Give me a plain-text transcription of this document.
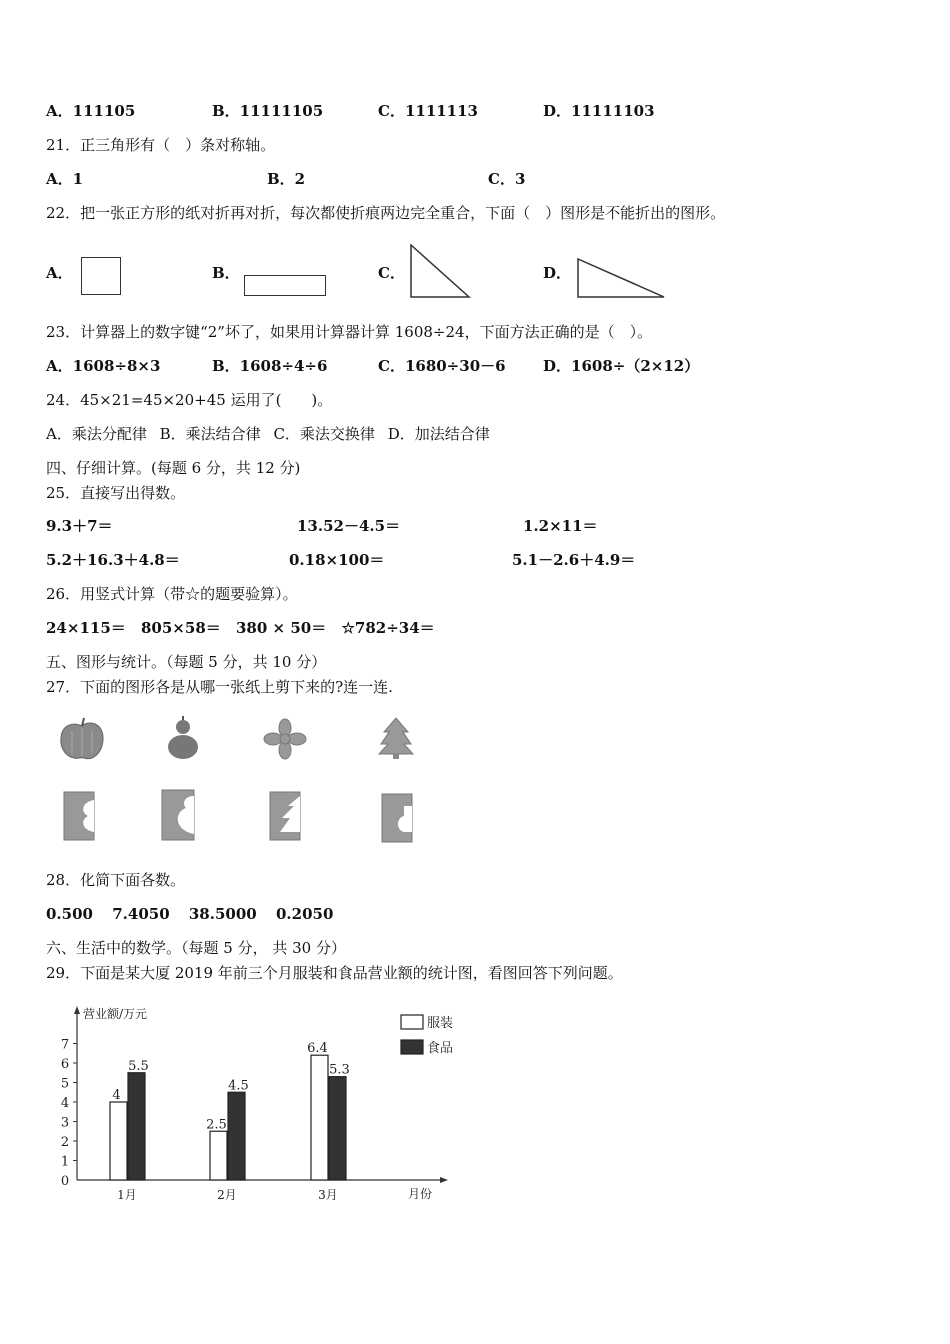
A．111105	B．11111105	C．1111113	D．11111103
21．正三角形有（　）条对称轴。
A．1	B．2	C．3
22．把一张正方形的纸对折再对折，每次都使折痕两边完全重合，下面（　）图形是不能折出的图形。
A．	B．	C．	D．
23．计算器上的数字键“2”坏了，如果用计算器计算 1608÷24，下面方法正确的是（　）。
A．1608÷8×3	B．1608÷4÷6	C．1680÷30－6 D．1608÷（2×12）
24．45×21=45×20+45 运用了(　　)。
A．乘法分配律 B．乘法结合律 C．乘法交换律 D．加法结合律
四、仔细计算。(每题 6 分，共 12 分)
25．直接写出得数。
9.3＋7＝	13.52－4.5＝	1.2×11＝
5.2＋16.3＋4.8＝	0.18×100＝	5.1－2.6＋4.9＝
26．用竖式计算（带☆的题要验算）。
24×115＝ 805×58＝ 380 × 50＝ ☆782÷34＝
五、图形与统计。（每题 5 分，共 10 分）
27．下面的图形各是从哪一张纸上剪下来的?连一连.
28．化简下面各数。
0.500 7.4050 38.5000 0.2050
六、生活中的数学。（每题 5 分， 共 30 分）
29．下面是某大厦 2019 年前三个月服装和食品营业额的统计图，看图回答下列问题。
0
1
2
3
4
5
6
7
营业额/万元
月份
4
5.5
1月
2.5
4.5
2月
6.4
5.3
3月
服装
食品
